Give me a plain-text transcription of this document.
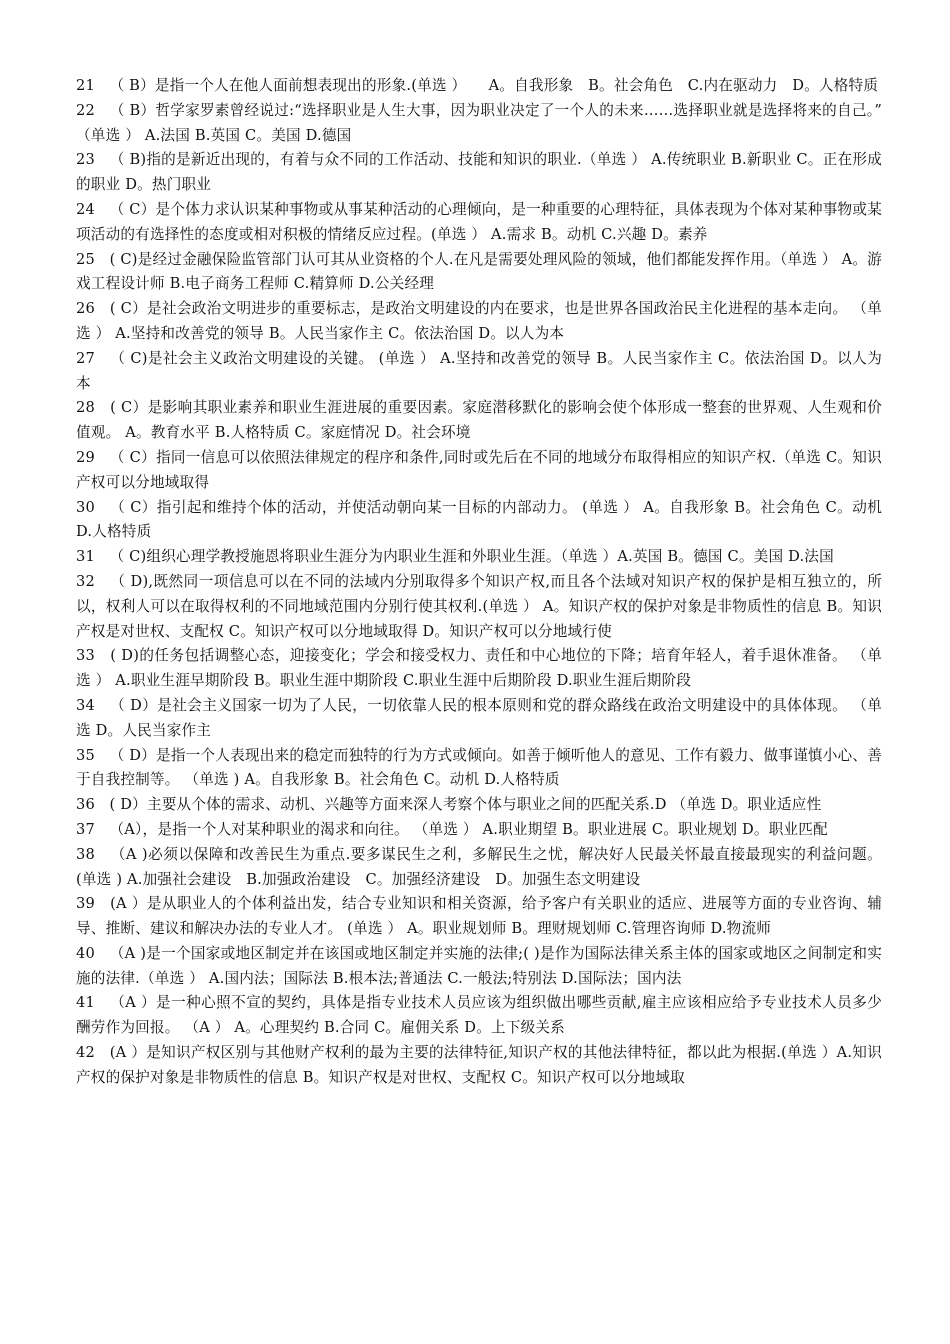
21 （ B）是指一个人在他人面前想表现出的形象.(单选 ）　　A。自我形象　B。社会角色　C.内在驱动力　D。人格特质

22 （ B）哲学家罗素曾经说过:“选择职业是人生大事，因为职业决定了一个人的未来……选择职业就是选择将来的自己。” （单选 ） A.法国 B.英国 C。美国 D.德国

23 （ B)指的是新近出现的，有着与众不同的工作活动、技能和知识的职业.（单选 ） A.传统职业 B.新职业 C。正在形成的职业 D。热门职业

24 （ C）是个体力求认识某种事物或从事某种活动的心理倾向，是一种重要的心理特征，具体表现为个体对某种事物或某项活动的有选择性的态度或相对积极的情绪反应过程。(单选 ） A.需求 B。动机 C.兴趣 D。素养

25 ( C)是经过金融保险监管部门认可其从业资格的个人.在凡是需要处理风险的领域，他们都能发挥作用。（单选 ） A。游戏工程设计师 B.电子商务工程师 C.精算师 D.公关经理

26 ( C）是社会政治文明进步的重要标志，是政治文明建设的内在要求，也是世界各国政治民主化进程的基本走向。 （单选 ） A.坚持和改善党的领导 B。人民当家作主 C。依法治国 D。以人为本

27 （ C)是社会主义政治文明建设的关键。 (单选 ） A.坚持和改善党的领导 B。人民当家作主 C。依法治国 D。以人为本

28 ( C）是影响其职业素养和职业生涯进展的重要因素。家庭潜移默化的影响会使个体形成一整套的世界观、人生观和价值观。 A。教育水平 B.人格特质 C。家庭情况 D。社会环境

29 （ C）指同一信息可以依照法律规定的程序和条件,同时或先后在不同的地域分布取得相应的知识产权.（单选 C。知识产权可以分地域取得

30 （ C）指引起和维持个体的活动，并使活动朝向某一目标的内部动力。 (单选 ） A。自我形象 B。社会角色 C。动机 D.人格特质

31 （ C)组织心理学教授施恩将职业生涯分为内职业生涯和外职业生涯。（单选 ）A.英国 B。德国 C。美国 D.法国

32 （ D),既然同一项信息可以在不同的法域内分别取得多个知识产权,而且各个法域对知识产权的保护是相互独立的，所以，权利人可以在取得权利的不同地域范围内分别行使其权利.(单选 ） A。知识产权的保护对象是非物质性的信息 B。知识产权是对世权、支配权 C。知识产权可以分地域取得 D。知识产权可以分地域行使

33 ( D)的任务包括调整心态，迎接变化；学会和接受权力、责任和中心地位的下降；培育年轻人，着手退休准备。 （单选 ） A.职业生涯早期阶段 B。职业生涯中期阶段 C.职业生涯中后期阶段 D.职业生涯后期阶段

34 （ D）是社会主义国家一切为了人民，一切依靠人民的根本原则和党的群众路线在政治文明建设中的具体体现。 （单选 D。人民当家作主

35 （ D）是指一个人表现出来的稳定而独特的行为方式或倾向。如善于倾听他人的意见、工作有毅力、做事谨慎小心、善于自我控制等。 （单选 ) A。自我形象 B。社会角色 C。动机 D.人格特质

36 ( D）主要从个体的需求、动机、兴趣等方面来深人考察个体与职业之间的匹配关系.D （单选 D。职业适应性

37 （A），是指一个人对某种职业的渴求和向往。 （单选 ） A.职业期望 B。职业进展 C。职业规划 D。职业匹配

38 （A )必须以保障和改善民生为重点.要多谋民生之利，多解民生之忧，解决好人民最关怀最直接最现实的利益问题。 (单选 ) A.加强社会建设　B.加强政治建设　C。加强经济建设　D。加强生态文明建设

39 (A ）是从职业人的个体利益出发，结合专业知识和相关资源，给予客户有关职业的适应、进展等方面的专业咨询、辅导、推断、建议和解决办法的专业人才。 (单选 ） A。职业规划师 B。理财规划师 C.管理咨询师 D.物流师

40 （A )是一个国家或地区制定并在该国或地区制定并实施的法律;( )是作为国际法律关系主体的国家或地区之间制定和实施的法律.（单选 ） A.国内法；国际法 B.根本法;普通法 C.一般法;特别法 D.国际法；国内法

41 （A ）是一种心照不宣的契约，具体是指专业技术人员应该为组织做出哪些贡献,雇主应该相应给予专业技术人员多少酬劳作为回报。 （A ） A。心理契约 B.合同 C。雇佣关系 D。上下级关系

42 (A ）是知识产权区别与其他财产权利的最为主要的法律特征,知识产权的其他法律特征，都以此为根据.(单选 ）A.知识产权的保护对象是非物质性的信息 B。知识产权是对世权、支配权 C。知识产权可以分地域取
